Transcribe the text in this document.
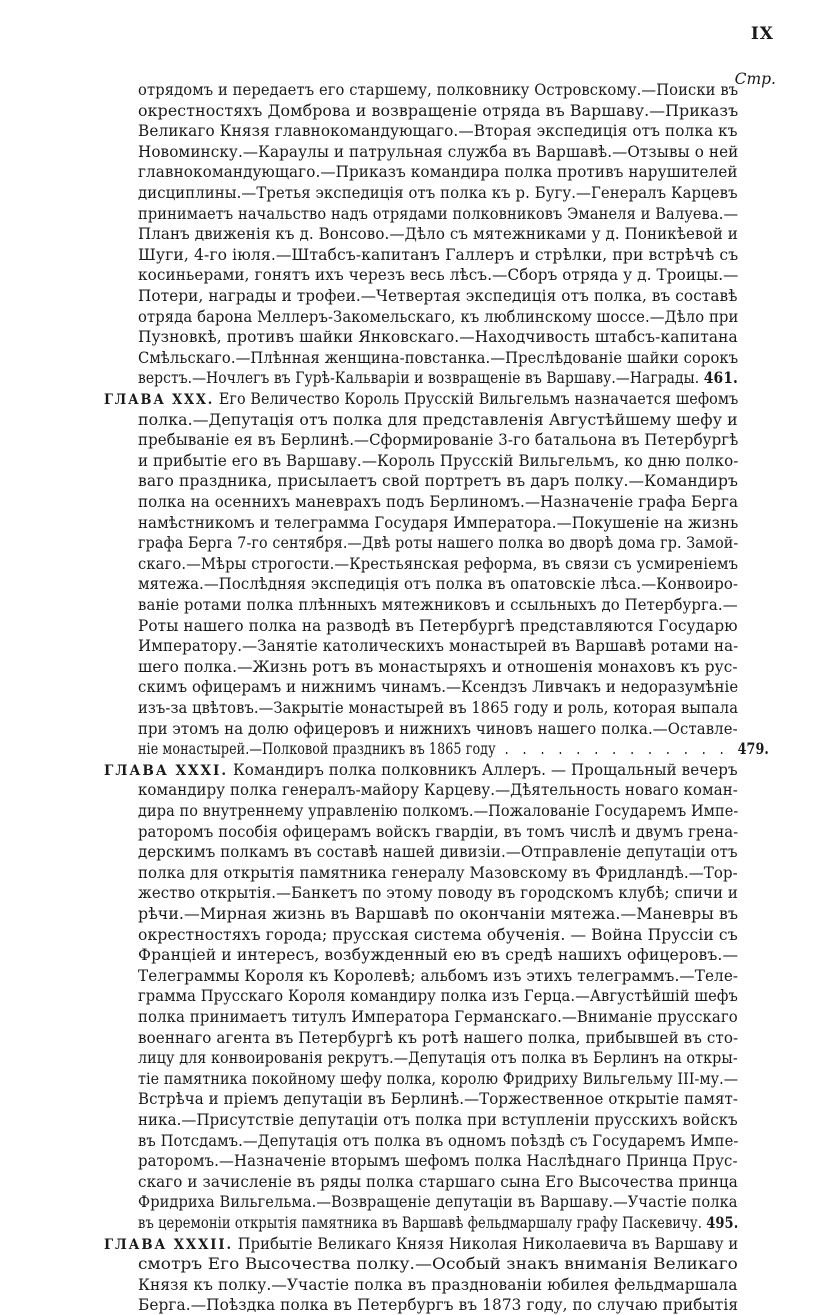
IX
Стр.
отрядомъ и передаетъ его старшему, полковнику Островскому.—Поиски въ
окрестностяхъ Домброва и возвращеніе отряда въ Варшаву.—Приказъ
Великаго Князя главнокомандующаго.—Вторая экспедиція отъ полка къ
Новоминску.—Караулы и патрульная служба въ Варшавѣ.—Отзывы о ней
главнокомандующаго.—Приказъ командира полка противъ нарушителей
дисциплины.—Третья экспедиція отъ полка къ р. Бугу.—Генералъ Карцевъ
принимаетъ начальство надъ отрядами полковниковъ Эманеля и Валуева.—
Планъ движенія къ д. Вонсово.—Дѣло съ мятежниками у д. Поникѣевой и
Шуги, 4-го іюля.—Штабсъ-капитанъ Галлеръ и стрѣлки, при встрѣчѣ съ
косиньерами, гонятъ ихъ черезъ весь лѣсъ.—Сборъ отряда у д. Троицы.—
Потери, награды и трофеи.—Четвертая экспедиція отъ полка, въ составѣ
отряда барона Меллеръ-Закомельскаго, къ люблинскому шоссе.—Дѣло при
Пузновкѣ, противъ шайки Янковскаго.—Находчивость штабсъ-капитана
Смѣльскаго.—Плѣнная женщина-повстанка.—Преслѣдованіе шайки сорокъ
верстъ.—Ночлегъ въ Гурѣ-Кальваріи и возвращеніе въ Варшаву.—Награды. 461.
ГЛАВА XXX. Его Величество Король Прусскій Вильгельмъ назначается шефомъ
полка.—Депутація отъ полка для представленія Августѣйшему шефу и
пребываніе ея въ Берлинѣ.—Сформированіе 3-го батальона въ Петербургѣ
и прибытіе его въ Варшаву.—Король Прусскій Вильгельмъ, ко дню полко-
ваго праздника, присылаетъ свой портретъ въ даръ полку.—Командиръ
полка на осеннихъ маневрахъ подъ Берлиномъ.—Назначеніе графа Берга
намѣстникомъ и телеграмма Государя Императора.—Покушеніе на жизнь
графа Берга 7-го сентября.—Двѣ роты нашего полка во дворѣ дома гр. Замой-
скаго.—Мѣры строгости.—Крестьянская реформа, въ связи съ усмиреніемъ
мятежа.—Послѣдняя экспедиція отъ полка въ опатовскіе лѣса.—Конвоиро-
ваніе ротами полка плѣнныхъ мятежниковъ и ссыльныхъ до Петербурга.—
Роты нашего полка на разводѣ въ Петербургѣ представляются Государю
Императору.—Занятіе католическихъ монастырей въ Варшавѣ ротами на-
шего полка.—Жизнь ротъ въ монастыряхъ и отношенія монаховъ къ рус-
скимъ офицерамъ и нижнимъ чинамъ.—Ксендзъ Ливчакъ и недоразумѣніе
изъ-за цвѣтовъ.—Закрытіе монастырей въ 1865 году и роль, которая выпала
при этомъ на долю офицеровъ и нижнихъ чиновъ нашего полка.—Оставле-
ніе монастырей.—Полковой праздникъ въ 1865 году . . . . . . . . . . . . . 479.
ГЛАВА XXXI. Командиръ полка полковникъ Аллеръ. — Прощальный вечеръ
командиру полка генералъ-майору Карцеву.—Дѣятельность новаго коман-
дира по внутреннему управленію полкомъ.—Пожалованіе Государемъ Импе-
раторомъ пособія офицерамъ войскъ гвардіи, въ томъ числѣ и двумъ грена-
дерскимъ полкамъ въ составѣ нашей дивизіи.—Отправленіе депутаціи отъ
полка для открытія памятника генералу Мазовскому въ Фридландѣ.—Тор-
жество открытія.—Банкетъ по этому поводу въ городскомъ клубѣ; спичи и
рѣчи.—Мирная жизнь въ Варшавѣ по окончаніи мятежа.—Маневры въ
окрестностяхъ города; прусская система обученія. — Война Пруссіи съ
Франціей и интересъ, возбужденный ею въ средѣ нашихъ офицеровъ.—
Телеграммы Короля къ Королевѣ; альбомъ изъ этихъ телеграммъ.—Теле-
грамма Прусскаго Короля командиру полка изъ Герца.—Августѣйшій шефъ
полка принимаетъ титулъ Императора Германскаго.—Вниманіе прусскаго
военнаго агента въ Петербургѣ къ ротѣ нашего полка, прибывшей въ сто-
лицу для конвоированія рекрутъ.—Депутація отъ полка въ Берлинъ на откры-
тіе памятника покойному шефу полка, королю Фридриху Вильгельму III-му.—
Встрѣча и пріемъ депутаціи въ Берлинѣ.—Торжественное открытіе памят-
ника.—Присутствіе депутаціи отъ полка при вступленіи прусскихъ войскъ
въ Потсдамъ.—Депутація отъ полка въ одномъ поѣздѣ съ Государемъ Импе-
раторомъ.—Назначеніе вторымъ шефомъ полка Наслѣднаго Принца Прус-
скаго и зачисленіе въ ряды полка старшаго сына Его Высочества принца
Фридриха Вильгельма.—Возвращеніе депутаціи въ Варшаву.—Участіе полка
въ церемоніи открытія памятника въ Варшавѣ фельдмаршалу графу Паскевичу. 495.
ГЛАВА XXXII. Прибытіе Великаго Князя Николая Николаевича въ Варшаву и
смотръ Его Высочества полку.—Особый знакъ вниманія Великаго
Князя къ полку.—Участіе полка въ празднованіи юбилея фельдмаршала
Берга.—Поѣздка полка въ Петербургъ въ 1873 году, по случаю прибытія
